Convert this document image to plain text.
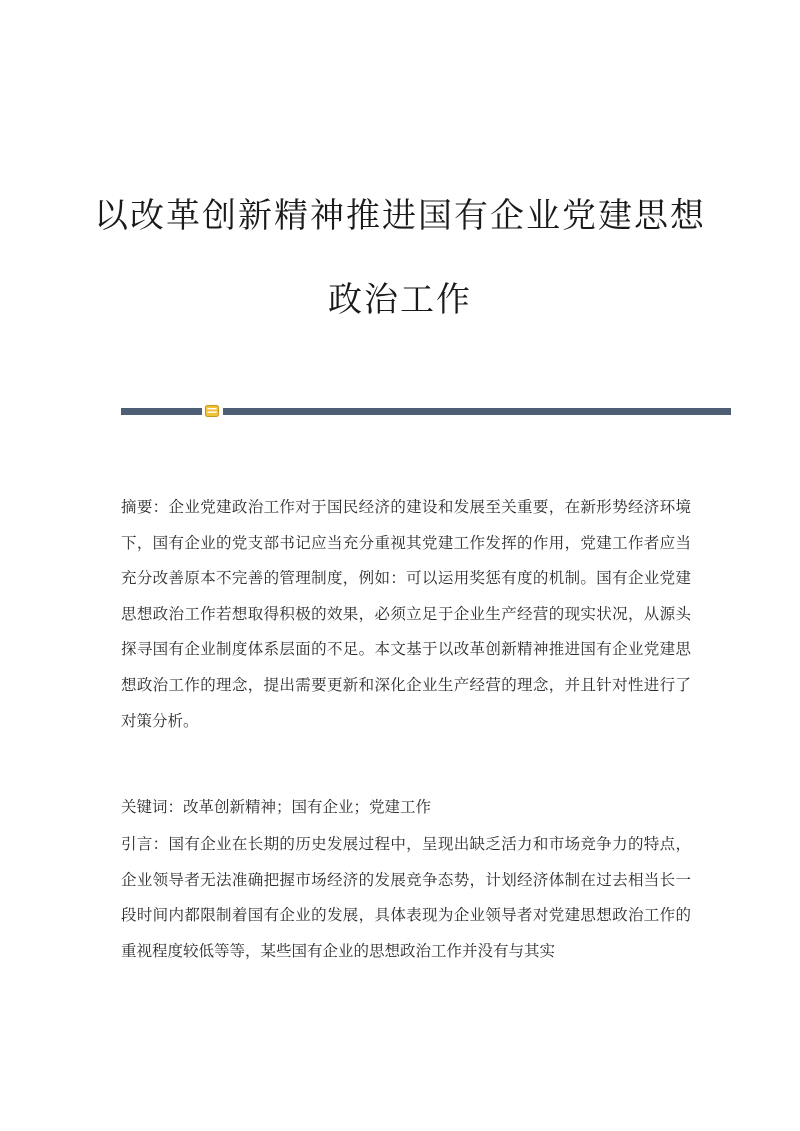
以改革创新精神推进国有企业党建思想
政治工作

摘要：企业党建政治工作对于国民经济的建设和发展至关重要，在新形势经济环境下，国有企业的党支部书记应当充分重视其党建工作发挥的作用，党建工作者应当充分改善原本不完善的管理制度，例如：可以运用奖惩有度的机制。国有企业党建思想政治工作若想取得积极的效果，必须立足于企业生产经营的现实状况，从源头探寻国有企业制度体系层面的不足。本文基于以改革创新精神推进国有企业党建思想政治工作的理念，提出需要更新和深化企业生产经营的理念，并且针对性进行了对策分析。

关键词：改革创新精神；国有企业；党建工作

引言：国有企业在长期的历史发展过程中，呈现出缺乏活力和市场竞争力的特点，企业领导者无法准确把握市场经济的发展竞争态势，计划经济体制在过去相当长一段时间内都限制着国有企业的发展，具体表现为企业领导者对党建思想政治工作的重视程度较低等等，某些国有企业的思想政治工作并没有与其实
